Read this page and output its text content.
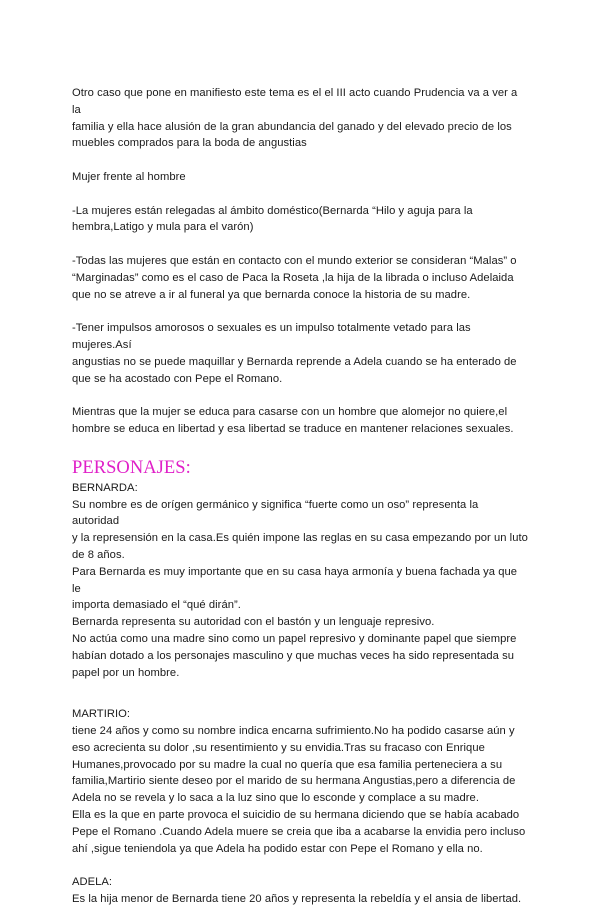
Otro caso que pone en manifiesto este tema es el el III acto cuando Prudencia va a ver a la
familia y ella hace alusión de la gran abundancia del ganado y del elevado precio de los
muebles comprados para la boda de angustias

Mujer frente al hombre

-La mujeres están relegadas al ámbito doméstico(Bernarda “Hilo y aguja para la
hembra,Latigo y mula para el varón)

-Todas las mujeres que están en contacto con el mundo exterior se consideran “Malas” o
“Marginadas” como es el caso de Paca la Roseta ,la hija de la librada o incluso Adelaida
que no se atreve a ir al funeral ya que bernarda conoce la historia de su madre.

-Tener impulsos amorosos o sexuales es un impulso totalmente vetado para las mujeres.Así
angustias no se puede maquillar y Bernarda reprende a Adela cuando se ha enterado de
que se ha acostado con Pepe el Romano.

Mientras que la mujer se educa para casarse con un hombre que alomejor no quiere,el
hombre se educa en libertad y esa libertad se traduce en mantener relaciones sexuales.

PERSONAJES:

BERNARDA:

Su nombre es de orígen germánico y significa “fuerte como un oso” representa la autoridad
y la represensión en la casa.Es quién impone las reglas en su casa empezando por un luto
de 8 años.
Para Bernarda es muy importante que en su casa haya armonía y buena fachada ya que le
importa demasiado el “qué dirán”.
Bernarda representa su autoridad con el bastón y un lenguaje represivo.
No actúa como una madre sino como un papel represivo y dominante papel que siempre
habían dotado a los personajes masculino y que muchas veces ha sido representada su
papel por un hombre.

MARTIRIO:

tiene 24 años y como su nombre indica encarna sufrimiento.No ha podido casarse aún y
eso acrecienta su dolor ,su resentimiento y su envidia.Tras su fracaso con Enrique
Humanes,provocado por su madre la cual no quería que esa familia perteneciera a su
familia,Martirio siente deseo por el marido de su hermana Angustias,pero a diferencia de
Adela no se revela y lo saca a la luz sino que lo esconde y complace a su madre.
Ella es la que en parte provoca el suicidio de su hermana diciendo que se había acabado
Pepe el Romano .Cuando Adela muere se creia que iba a acabarse la envidia pero incluso
ahí ,sigue teniendola ya que Adela ha podido estar con Pepe el Romano y ella no.

ADELA:

Es la hija menor de Bernarda tiene 20 años y representa la rebeldía y el ansia de libertad.
